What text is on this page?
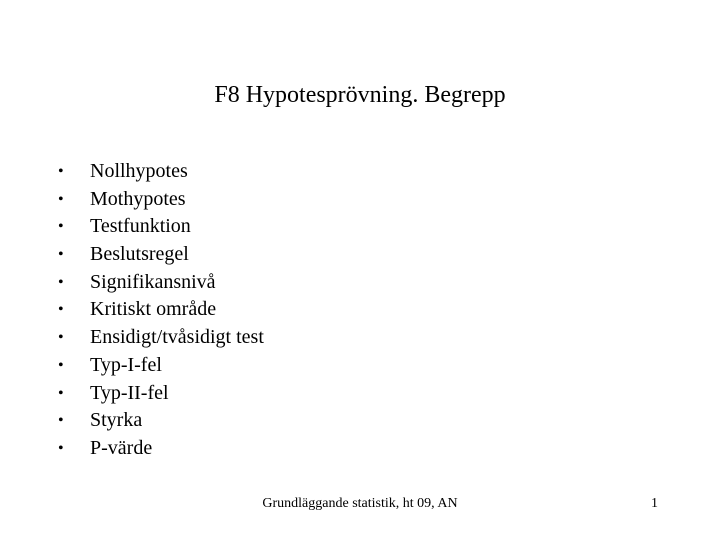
F8 Hypotesprövning. Begrepp
•	Nollhypotes
•	Mothypotes
•	Testfunktion
•	Beslutsregel
•	Signifikansnivå
•	Kritiskt område
•	Ensidigt/tvåsidigt test
•	Typ-I-fel
•	Typ-II-fel
•	Styrka
•	P-värde
Grundläggande statistik, ht 09, AN	1
